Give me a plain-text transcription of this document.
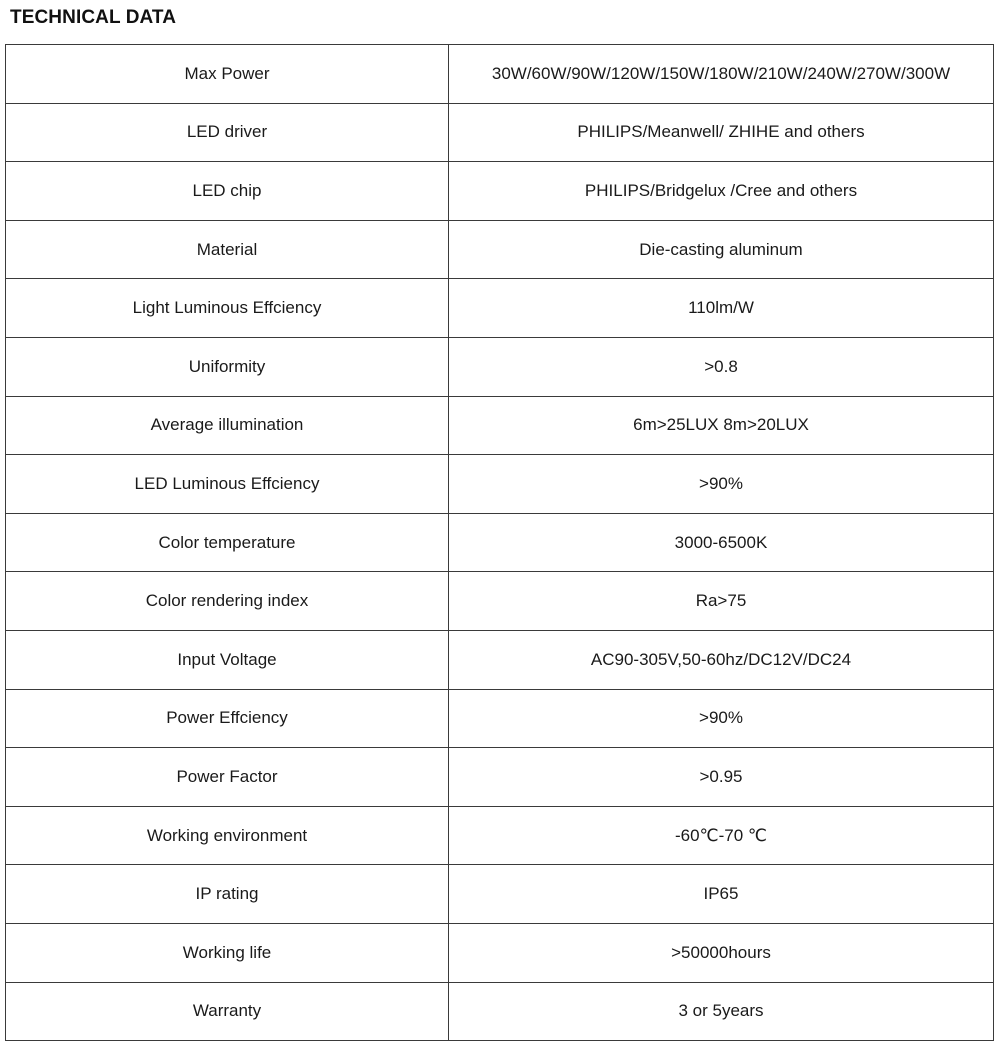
TECHNICAL DATA
Max Power	30W/60W/90W/120W/150W/180W/210W/240W/270W/300W
LED driver	PHILIPS/Meanwell/ ZHIHE and others
LED chip	PHILIPS/Bridgelux /Cree and others
Material	Die-casting aluminum
Light Luminous Effciency	110lm/W
Uniformity	>0.8
Average illumination	6m>25LUX 8m>20LUX
LED Luminous Effciency	>90%
Color temperature	3000-6500K
Color rendering index	Ra>75
Input Voltage	AC90-305V,50-60hz/DC12V/DC24
Power Effciency	>90%
Power Factor	>0.95
Working environment	-60℃-70 ℃
IP rating	IP65
Working life	>50000hours
Warranty	3 or 5years
